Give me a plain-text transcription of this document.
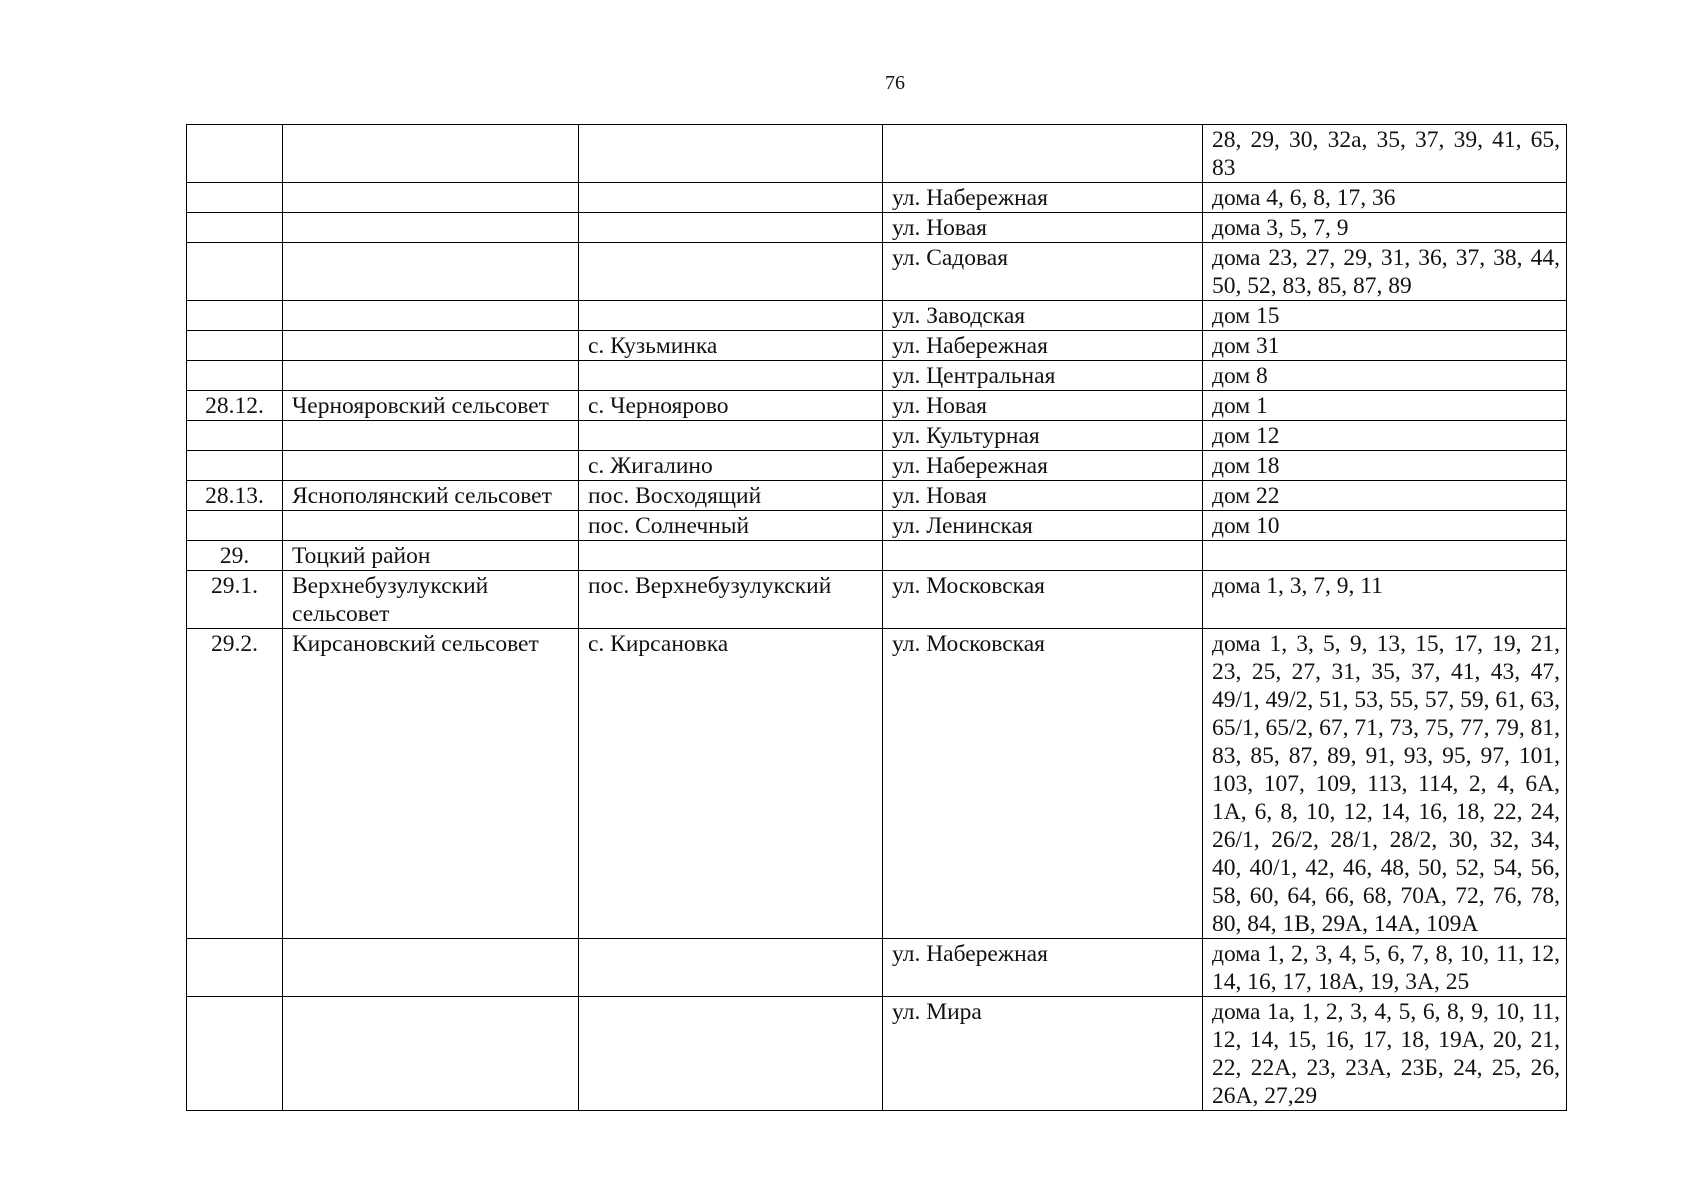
76
				28, 29, 30, 32а, 35, 37, 39, 41, 65, 83
			ул. Набережная	дома 4, 6, 8, 17, 36
			ул. Новая	дома 3, 5, 7, 9
			ул. Садовая	дома 23, 27, 29, 31, 36, 37, 38, 44, 50, 52, 83, 85, 87, 89
			ул. Заводская	дом 15
		с. Кузьминка	ул. Набережная	дом 31
			ул. Центральная	дом 8
28.12.	Чернояровский сельсовет	с. Черноярово	ул. Новая	дом 1
			ул. Культурная	дом 12
		с. Жигалино	ул. Набережная	дом 18
28.13.	Яснополянский сельсовет	пос. Восходящий	ул. Новая	дом 22
		пос. Солнечный	ул. Ленинская	дом 10
29.	Тоцкий район			
29.1.	Верхнебузулукский сельсовет	пос. Верхнебузулукский	ул. Московская	дома 1, 3, 7, 9, 11
29.2.	Кирсановский сельсовет	с. Кирсановка	ул. Московская	дома 1, 3, 5, 9, 13, 15, 17, 19, 21, 23, 25, 27, 31, 35, 37, 41, 43, 47, 49/1, 49/2, 51, 53, 55, 57, 59, 61, 63, 65/1, 65/2, 67, 71, 73, 75, 77, 79, 81, 83, 85, 87, 89, 91, 93, 95, 97, 101, 103, 107, 109, 113, 114, 2, 4, 6А, 1А, 6, 8, 10, 12, 14, 16, 18, 22, 24, 26/1, 26/2, 28/1, 28/2, 30, 32, 34, 40, 40/1, 42, 46, 48, 50, 52, 54, 56, 58, 60, 64, 66, 68, 70А, 72, 76, 78, 80, 84, 1В, 29А, 14А, 109А
			ул. Набережная	дома 1, 2, 3, 4, 5, 6, 7, 8, 10, 11, 12, 14, 16, 17, 18А, 19, 3А, 25
			ул. Мира	дома 1а, 1, 2, 3, 4, 5, 6, 8, 9, 10, 11, 12, 14, 15, 16, 17, 18, 19А, 20, 21, 22, 22А, 23, 23А, 23Б, 24, 25, 26, 26А, 27,29
